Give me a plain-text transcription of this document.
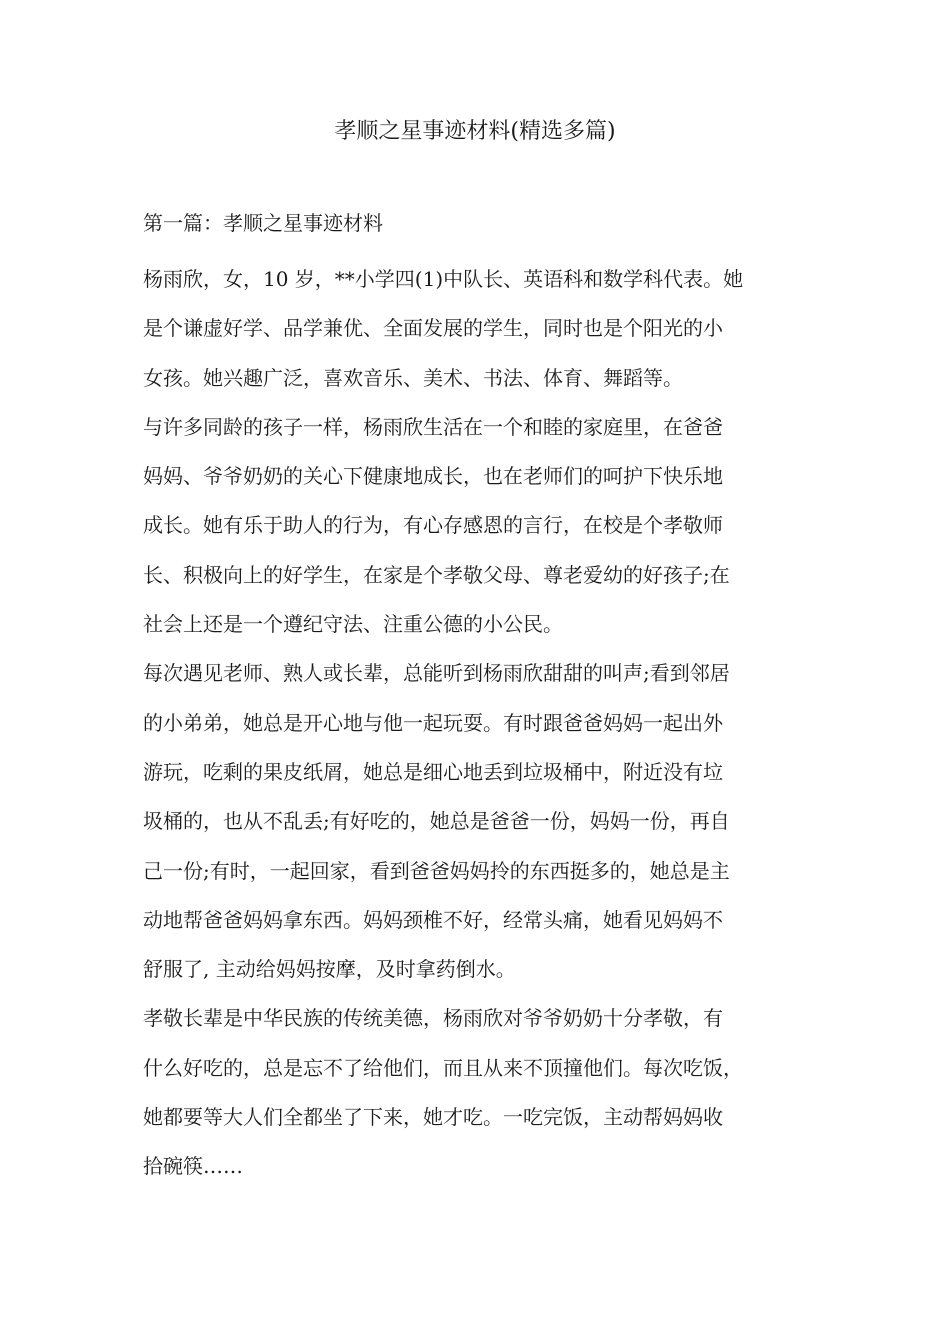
孝顺之星事迹材料(精选多篇)
第一篇：孝顺之星事迹材料

杨雨欣，女，10 岁，**小学四(1)中队长、英语科和数学科代表。她
是个谦虚好学、品学兼优、全面发展的学生，同时也是个阳光的小
女孩。她兴趣广泛，喜欢音乐、美术、书法、体育、舞蹈等。

与许多同龄的孩子一样，杨雨欣生活在一个和睦的家庭里，在爸爸
妈妈、爷爷奶奶的关心下健康地成长，也在老师们的呵护下快乐地
成长。她有乐于助人的行为，有心存感恩的言行，在校是个孝敬师
长、积极向上的好学生，在家是个孝敬父母、尊老爱幼的好孩子;在
社会上还是一个遵纪守法、注重公德的小公民。

每次遇见老师、熟人或长辈，总能听到杨雨欣甜甜的叫声;看到邻居
的小弟弟，她总是开心地与他一起玩耍。有时跟爸爸妈妈一起出外
游玩，吃剩的果皮纸屑，她总是细心地丢到垃圾桶中，附近没有垃
圾桶的，也从不乱丢;有好吃的，她总是爸爸一份，妈妈一份，再自
己一份;有时，一起回家，看到爸爸妈妈拎的东西挺多的，她总是主
动地帮爸爸妈妈拿东西。妈妈颈椎不好，经常头痛，她看见妈妈不
舒服了, 主动给妈妈按摩，及时拿药倒水。

孝敬长辈是中华民族的传统美德，杨雨欣对爷爷奶奶十分孝敬，有
什么好吃的，总是忘不了给他们，而且从来不顶撞他们。每次吃饭，
她都要等大人们全都坐了下来，她才吃。一吃完饭，主动帮妈妈收
拾碗筷……
